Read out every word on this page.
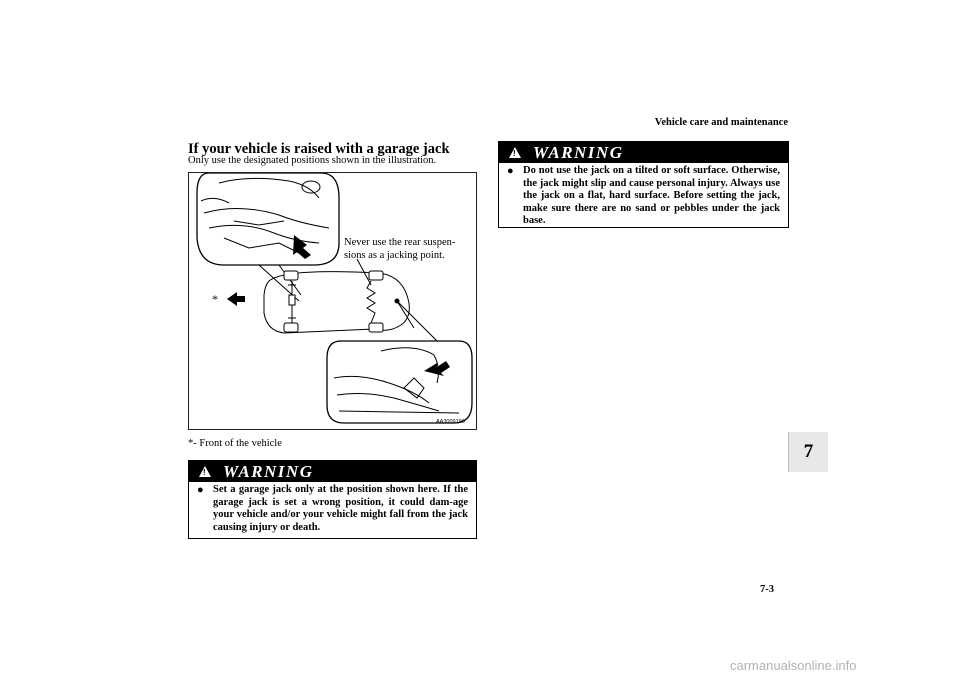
Vehicle care and maintenance
If your vehicle is raised with a garage jack
Only use the designated positions shown in the illustration.
Never use the rear suspen-sions as a jacking point.
*
AA3009190
*- Front of the vehicle
! WARNING
● Set a garage jack only at the position shown here. If the garage jack is set a wrong position, it could dam-age your vehicle and/or your vehicle might fall from the jack causing injury or death.
! WARNING
● Do not use the jack on a tilted or soft surface. Otherwise, the jack might slip and cause personal injury. Always use the jack on a flat, hard surface. Before setting the jack, make sure there are no sand or pebbles under the jack base.
7
7-3
carmanualsonline.info
